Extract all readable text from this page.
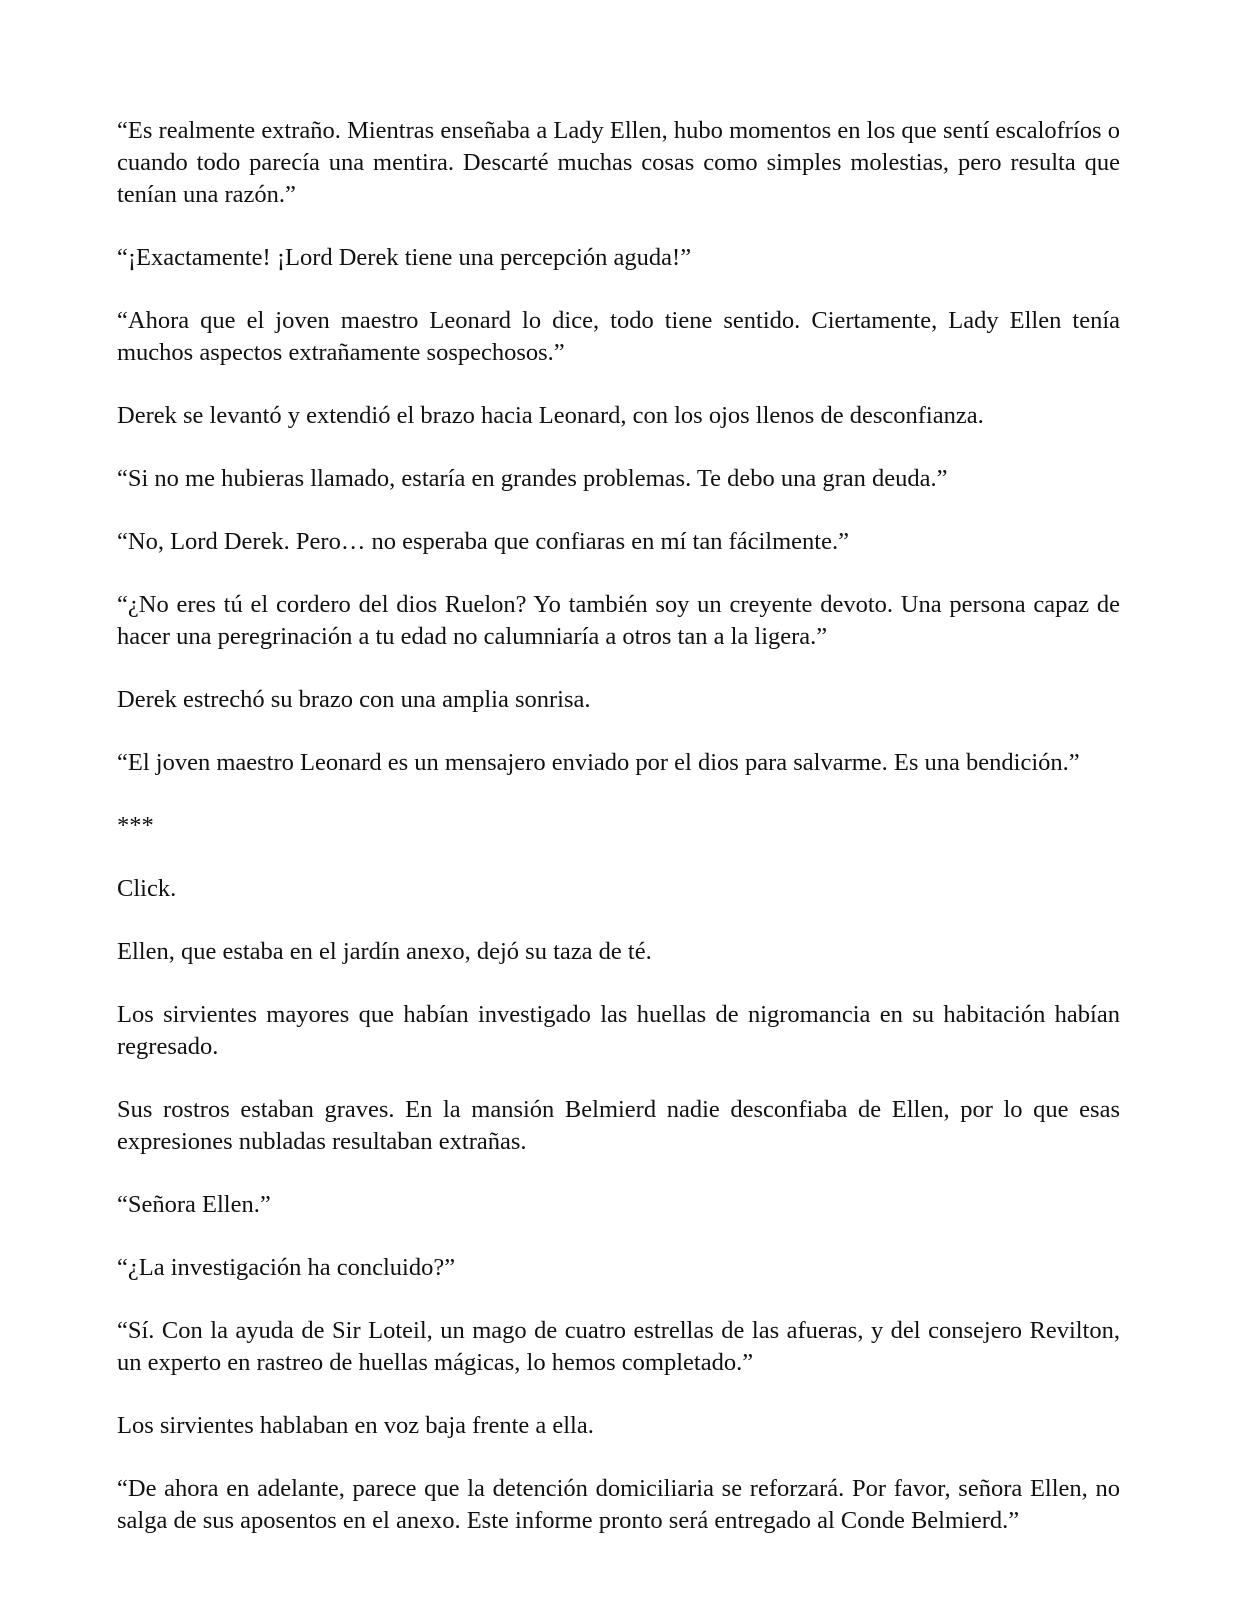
“Es realmente extraño. Mientras enseñaba a Lady Ellen, hubo momentos en los que sentí escalofríos o cuando todo parecía una mentira. Descarté muchas cosas como simples molestias, pero resulta que tenían una razón.”

“¡Exactamente! ¡Lord Derek tiene una percepción aguda!”

“Ahora que el joven maestro Leonard lo dice, todo tiene sentido. Ciertamente, Lady Ellen tenía muchos aspectos extrañamente sospechosos.”

Derek se levantó y extendió el brazo hacia Leonard, con los ojos llenos de desconfianza.

“Si no me hubieras llamado, estaría en grandes problemas. Te debo una gran deuda.”

“No, Lord Derek. Pero… no esperaba que confiaras en mí tan fácilmente.”

“¿No eres tú el cordero del dios Ruelon? Yo también soy un creyente devoto. Una persona capaz de hacer una peregrinación a tu edad no calumniaría a otros tan a la ligera.”

Derek estrechó su brazo con una amplia sonrisa.

“El joven maestro Leonard es un mensajero enviado por el dios para salvarme. Es una bendición.”

***

Click.

Ellen, que estaba en el jardín anexo, dejó su taza de té.

Los sirvientes mayores que habían investigado las huellas de nigromancia en su habitación habían regresado.

Sus rostros estaban graves. En la mansión Belmierd nadie desconfiaba de Ellen, por lo que esas expresiones nubladas resultaban extrañas.

“Señora Ellen.”

“¿La investigación ha concluido?”

“Sí. Con la ayuda de Sir Loteil, un mago de cuatro estrellas de las afueras, y del consejero Revilton, un experto en rastreo de huellas mágicas, lo hemos completado.”

Los sirvientes hablaban en voz baja frente a ella.

“De ahora en adelante, parece que la detención domiciliaria se reforzará. Por favor, señora Ellen, no salga de sus aposentos en el anexo. Este informe pronto será entregado al Conde Belmierd.”
